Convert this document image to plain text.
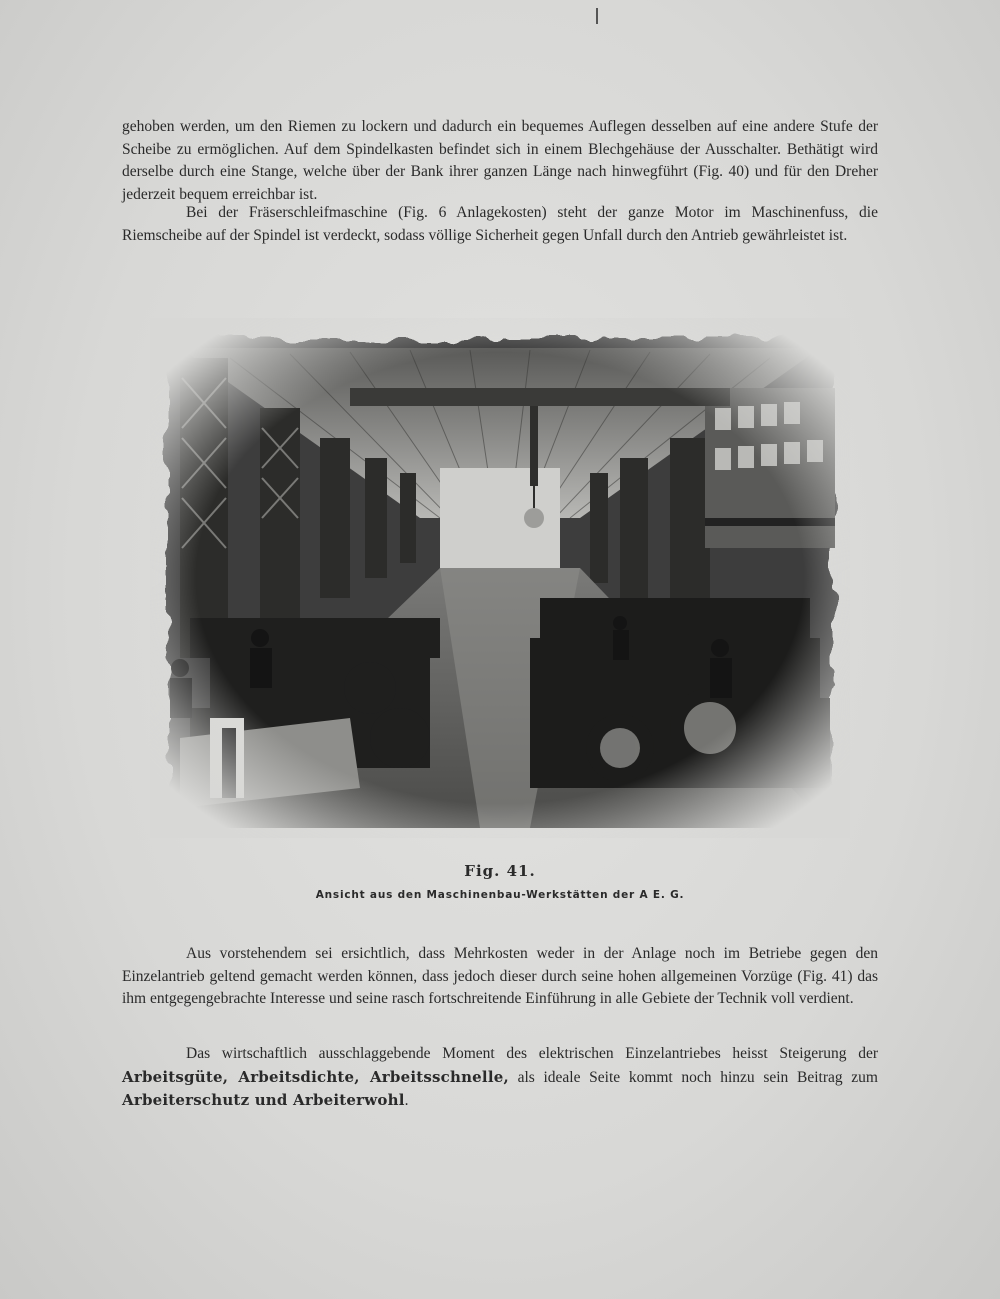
gehoben werden, um den Riemen zu lockern und dadurch ein bequemes Auflegen desselben auf eine andere Stufe der Scheibe zu ermöglichen. Auf dem Spindelkasten befindet sich in einem Blechgehäuse der Ausschalter. Bethätigt wird derselbe durch eine Stange, welche über der Bank ihrer ganzen Länge nach hinwegführt (Fig. 40) und für den Dreher jederzeit bequem erreichbar ist.

Bei der Fräserschleifmaschine (Fig. 6 Anlagekosten) steht der ganze Motor im Maschinenfuss, die Riemscheibe auf der Spindel ist verdeckt, sodass völlige Sicherheit gegen Unfall durch den Antrieb gewährleistet ist.

Fig. 41.
Ansicht aus den Maschinenbau-Werkstätten der A E. G.

Aus vorstehendem sei ersichtlich, dass Mehrkosten weder in der Anlage noch im Betriebe gegen den Einzelantrieb geltend gemacht werden können, dass jedoch dieser durch seine hohen allgemeinen Vorzüge (Fig. 41) das ihm entgegengebrachte Interesse und seine rasch fortschreitende Einführung in alle Gebiete der Technik voll verdient.

Das wirtschaftlich ausschlaggebende Moment des elektrischen Einzelantriebes heisst Steigerung der Arbeitsgüte, Arbeitsdichte, Arbeitsschnelle, als ideale Seite kommt noch hinzu sein Beitrag zum Arbeiterschutz und Arbeiterwohl.
